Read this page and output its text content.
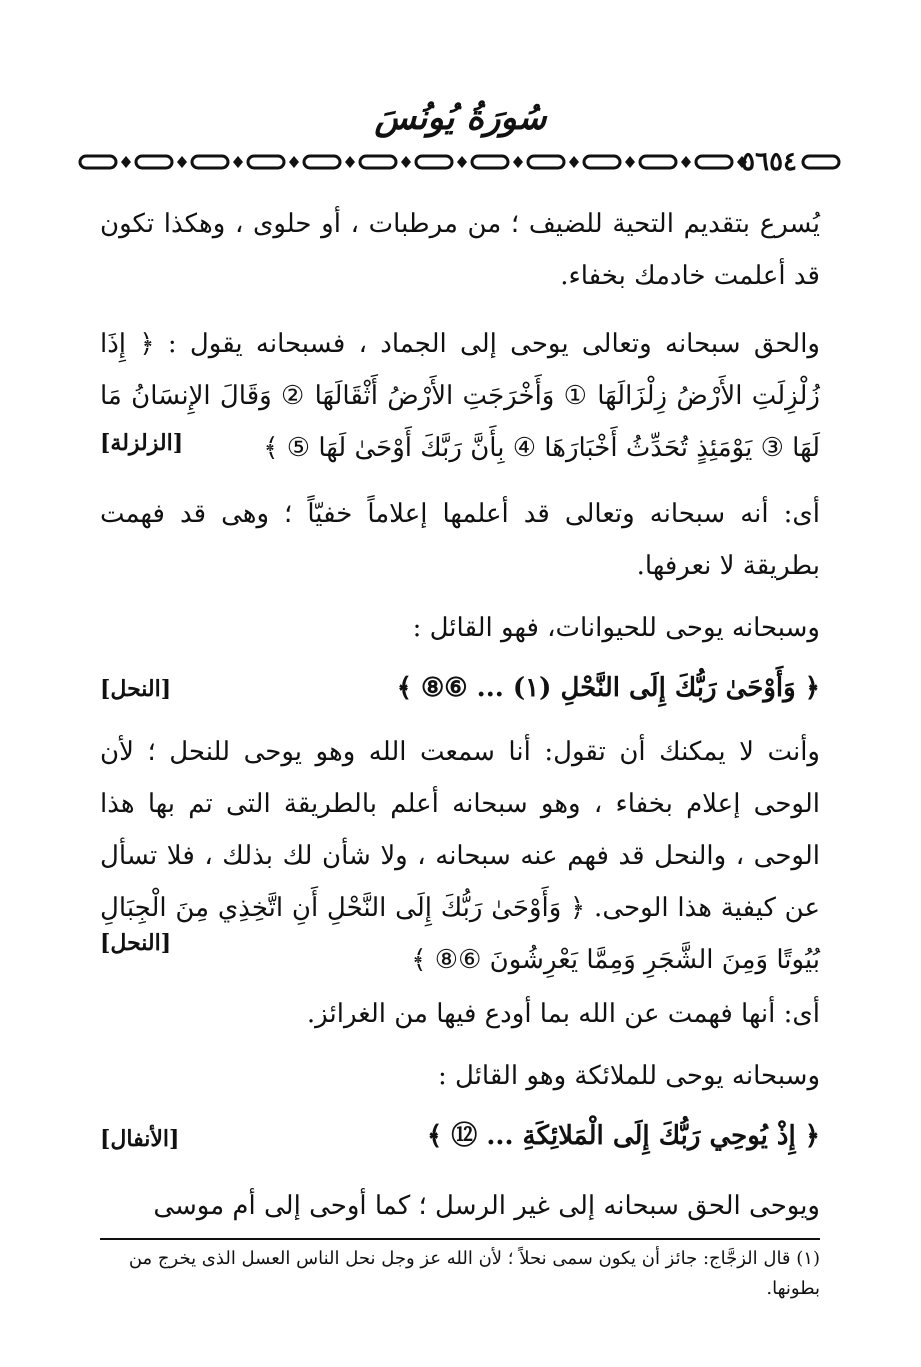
سُورَةُ يُونُسَ
٥٦٥٤

يُسرع بتقديم التحية للضيف ؛ من مرطبات ، أو حلوى ، وهكذا تكون قد أعلمت خادمك بخفاء.

والحق سبحانه وتعالى يوحى إلى الجماد ، فسبحانه يقول : ﴿ إِذَا زُلْزِلَتِ الأَرْضُ زِلْزَالَهَا ① وَأَخْرَجَتِ الأَرْضُ أَثْقَالَهَا ② وَقَالَ الإِنسَانُ مَا لَهَا ③ يَوْمَئِذٍ تُحَدِّثُ أَخْبَارَهَا ④ بِأَنَّ رَبَّكَ أَوْحَىٰ لَهَا ⑤ ﴾

[الزلزلة]

أى: أنه سبحانه وتعالى قد أعلمها إعلاماً خفيّاً ؛ وهى قد فهمت بطريقة لا نعرفها.

وسبحانه يوحى للحيوانات، فهو القائل :

﴿ وَأَوْحَىٰ رَبُّكَ إِلَى النَّحْلِ (١) ... ⑥⑧ ﴾

[النحل]

وأنت لا يمكنك أن تقول: أنا سمعت الله وهو يوحى للنحل ؛ لأن الوحى إعلام بخفاء ، وهو سبحانه أعلم بالطريقة التى تم بها هذا الوحى ، والنحل قد فهم عنه سبحانه ، ولا شأن لك بذلك ، فلا تسأل عن كيفية هذا الوحى. ﴿ وَأَوْحَىٰ رَبُّكَ إِلَى النَّحْلِ أَنِ اتَّخِذِي مِنَ الْجِبَالِ بُيُوتًا وَمِنَ الشَّجَرِ وَمِمَّا يَعْرِشُونَ ⑥⑧ ﴾

[النحل]

أى: أنها فهمت عن الله بما أودع فيها من الغرائز.

وسبحانه يوحى للملائكة وهو القائل :

﴿ إِذْ يُوحِي رَبُّكَ إِلَى الْمَلائِكَةِ ... ⑫ ﴾

[الأنفال]

ويوحى الحق سبحانه إلى غير الرسل ؛ كما أوحى إلى أم موسى

(١) قال الزجَّاج: جائز أن يكون سمى نحلاً ؛ لأن الله عز وجل نحل الناس العسل الذى يخرج من بطونها.
